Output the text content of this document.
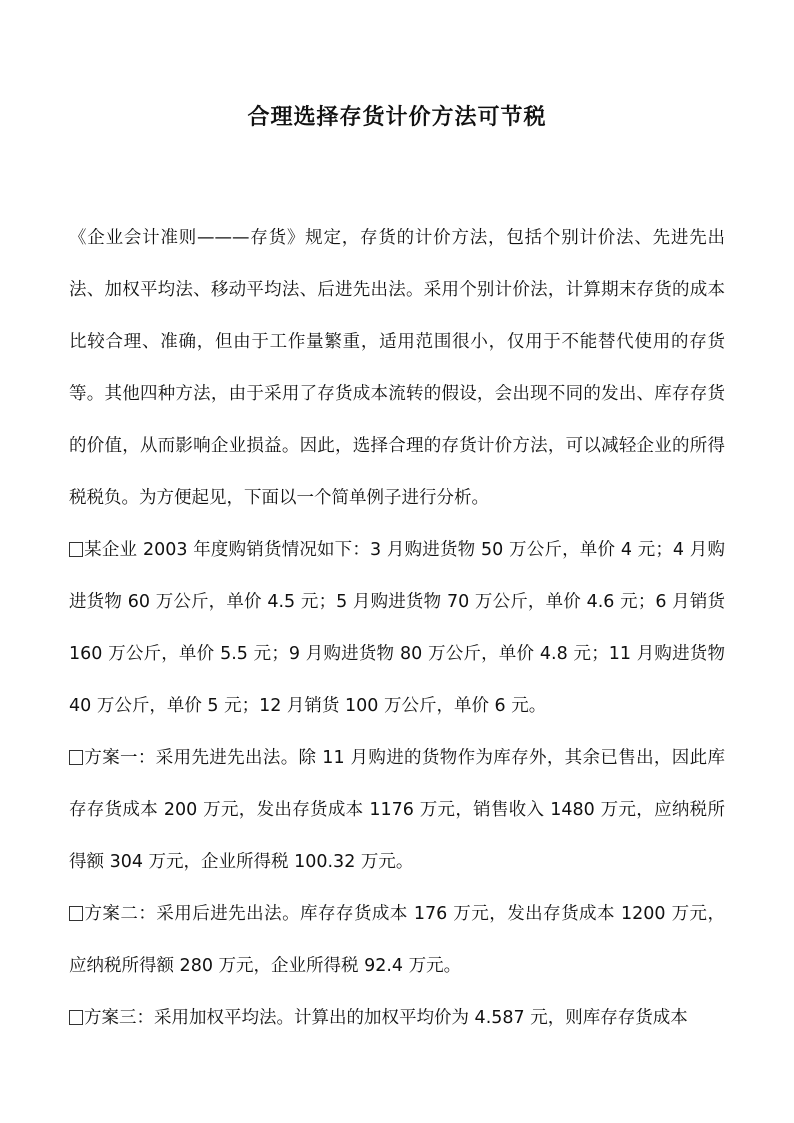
合理选择存货计价方法可节税

《企业会计准则———存货》规定，存货的计价方法，包括个别计价法、先进先出法、加权平均法、移动平均法、后进先出法。采用个别计价法，计算期末存货的成本比较合理、准确，但由于工作量繁重，适用范围很小，仅用于不能替代使用的存货等。其他四种方法，由于采用了存货成本流转的假设，会出现不同的发出、库存存货的价值，从而影响企业损益。因此，选择合理的存货计价方法，可以减轻企业的所得税税负。为方便起见，下面以一个简单例子进行分析。

某企业 2003 年度购销货情况如下：3 月购进货物 50 万公斤，单价 4 元；4 月购进货物 60 万公斤，单价 4.5 元；5 月购进货物 70 万公斤，单价 4.6 元；6 月销货 160 万公斤，单价 5.5 元；9 月购进货物 80 万公斤，单价 4.8 元；11 月购进货物 40 万公斤，单价 5 元；12 月销货 100 万公斤，单价 6 元。

方案一：采用先进先出法。除 11 月购进的货物作为库存外，其余已售出，因此库存存货成本 200 万元，发出存货成本 1176 万元，销售收入 1480 万元，应纳税所得额 304 万元，企业所得税 100.32 万元。

方案二：采用后进先出法。库存存货成本 176 万元，发出存货成本 1200 万元，应纳税所得额 280 万元，企业所得税 92.4 万元。

方案三：采用加权平均法。计算出的加权平均价为 4.587 元，则库存存货成本
